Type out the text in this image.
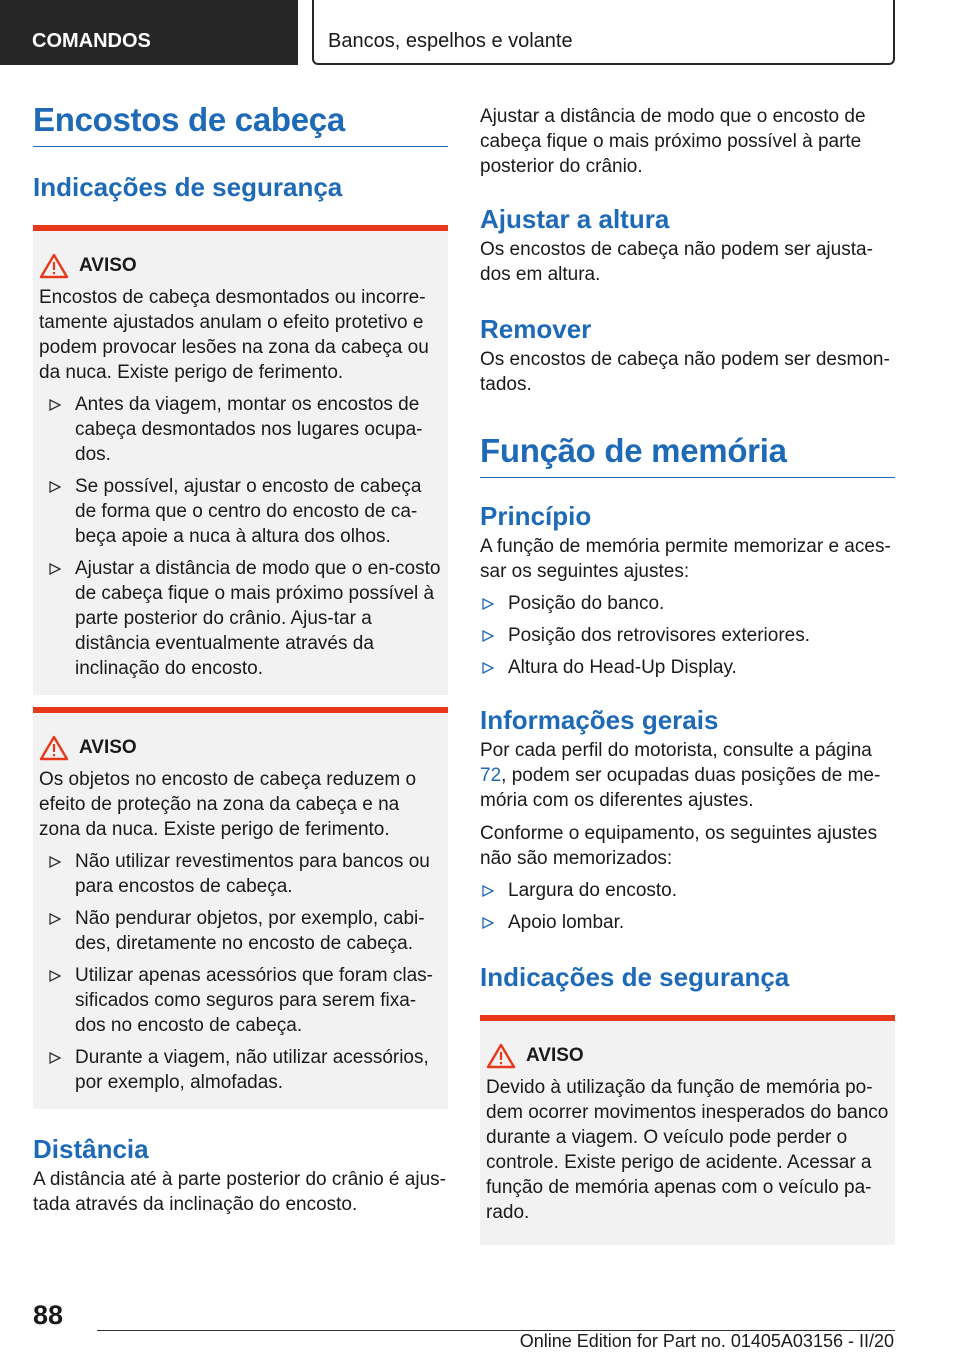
COMANDOS	Bancos, espelhos e volante
Encostos de cabeça
Indicações de segurança
AVISO

Encostos de cabeça desmontados ou incorre-tamente ajustados anulam o efeito protetivo e podem provocar lesões na zona da cabeça ou da nuca. Existe perigo de ferimento.

Antes da viagem, montar os encostos de cabeça desmontados nos lugares ocupa-dos.
Se possível, ajustar o encosto de cabeça de forma que o centro do encosto de ca-beça apoie a nuca à altura dos olhos.
Ajustar a distância de modo que o en-costo de cabeça fique o mais próximo possível à parte posterior do crânio. Ajus-tar a distância eventualmente através da inclinação do encosto.
AVISO

Os objetos no encosto de cabeça reduzem o efeito de proteção na zona da cabeça e na zona da nuca. Existe perigo de ferimento.

Não utilizar revestimentos para bancos ou para encostos de cabeça.
Não pendurar objetos, por exemplo, cabi-des, diretamente no encosto de cabeça.
Utilizar apenas acessórios que foram clas-sificados como seguros para serem fixa-dos no encosto de cabeça.
Durante a viagem, não utilizar acessórios, por exemplo, almofadas.
Distância

A distância até à parte posterior do crânio é ajus-tada através da inclinação do encosto.

Ajustar a distância de modo que o encosto de cabeça fique o mais próximo possível à parte posterior do crânio.

Ajustar a altura

Os encostos de cabeça não podem ser ajusta-dos em altura.

Remover

Os encostos de cabeça não podem ser desmon-tados.

Função de memória
Princípio

A função de memória permite memorizar e aces-sar os seguintes ajustes:

Posição do banco.
Posição dos retrovisores exteriores.
Altura do Head-Up Display.
Informações gerais

Por cada perfil do motorista, consulte a página 72, podem ser ocupadas duas posições de me-mória com os diferentes ajustes.

Conforme o equipamento, os seguintes ajustes não são memorizados:

Largura do encosto.
Apoio lombar.
Indicações de segurança
AVISO

Devido à utilização da função de memória po-dem ocorrer movimentos inesperados do banco durante a viagem. O veículo pode perder o controle. Existe perigo de acidente. Acessar a função de memória apenas com o veículo pa-rado.

88
Online Edition for Part no. 01405A03156 - II/20
